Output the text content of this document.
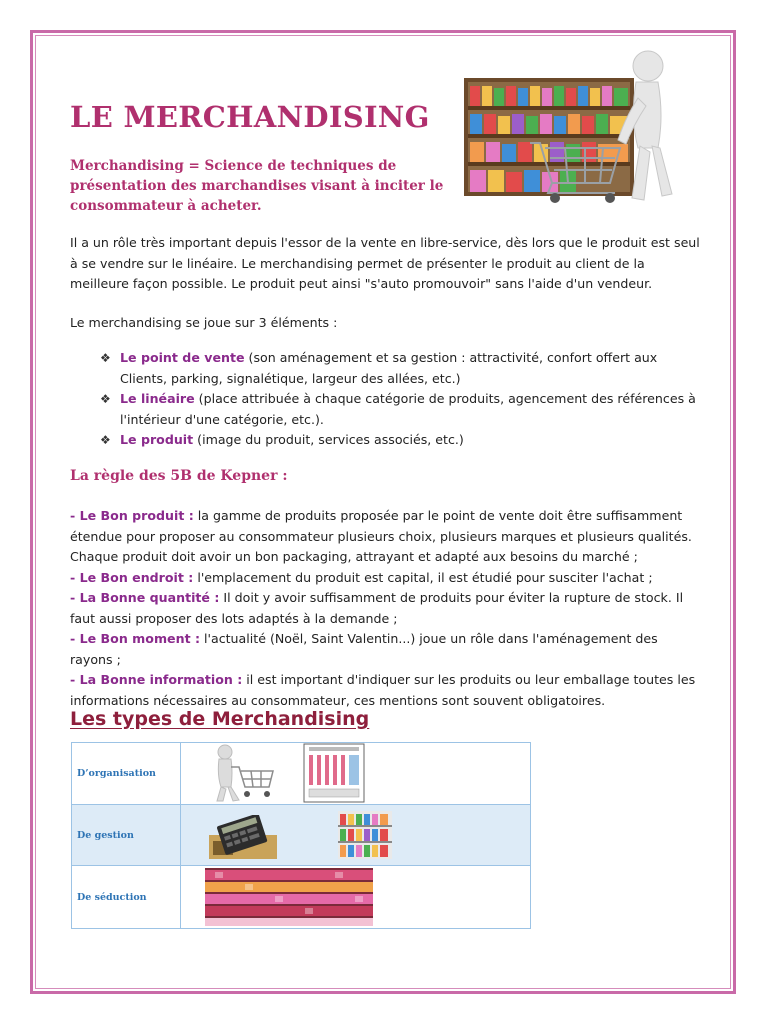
LE MERCHANDISING
Merchandising = Science de techniques de présentation des marchandises visant à inciter le consommateur à acheter.
Il a un rôle très important depuis l'essor de la vente en libre-service, dès lors que le produit est seul à se vendre sur le linéaire. Le merchandising permet de présenter le produit au client de la meilleure façon possible. Le produit peut ainsi "s'auto promouvoir" sans l'aide d'un vendeur.
Le merchandising se joue sur 3 éléments :
❖ Le point de vente (son aménagement et sa gestion : attractivité, confort offert aux Clients, parking, signalétique, largeur des allées, etc.)
❖ Le linéaire (place attribuée à chaque catégorie de produits, agencement des références à l'intérieur d'une catégorie, etc.).
❖ Le produit (image du produit, services associés, etc.)
La règle des 5B de Kepner :
- Le Bon produit : la gamme de produits proposée par le point de vente doit être suffisamment étendue pour proposer au consommateur plusieurs choix, plusieurs marques et plusieurs qualités. Chaque produit doit avoir un bon packaging, attrayant et adapté aux besoins du marché ;
- Le Bon endroit : l'emplacement du produit est capital, il est étudié pour susciter l'achat ;
- La Bonne quantité : Il doit y avoir suffisamment de produits pour éviter la rupture de stock. Il faut aussi proposer des lots adaptés à la demande ;
- Le Bon moment : l'actualité (Noël, Saint Valentin...) joue un rôle dans l'aménagement des rayons ;
- La Bonne information : il est important d'indiquer sur les produits ou leur emballage toutes les informations nécessaires au consommateur, ces mentions sont souvent obligatoires.
Les types de Merchandising
D’organisation	

De gestion	

De séduction	
